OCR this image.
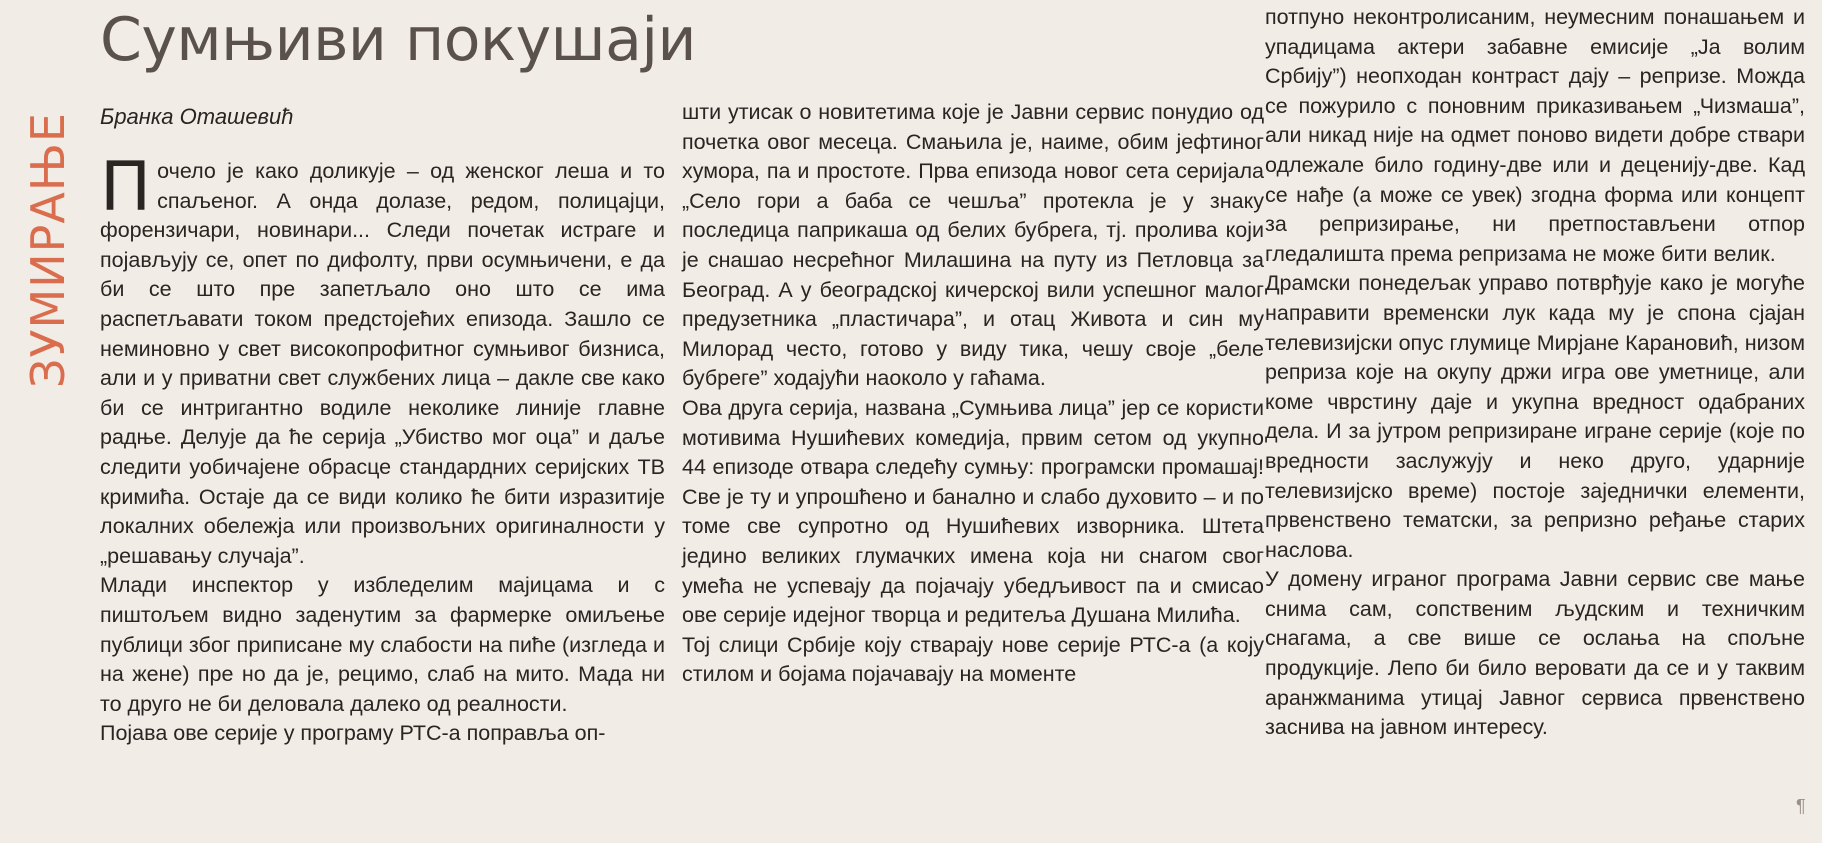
ЗУМИРАЊЕ
Сумњиви покушаји
Бранка Оташевић

Почело је како доликује – од женског леша и то спаљеног. А онда долазе, редом, полицајци, форензичари, новинари... Следи почетак истраге и појављују се, опет по дифолту, први осумњичени, е да би се што пре запетљало оно што се има распетљавати током предстојећих епизода. Зашло се неминовно у свет високопрофитног сумњивог бизниса, али и у приватни свет службених лица – дакле све како би се интригантно водиле неколике линије главне радње. Делује да ће серија „Убиство мог оца” и даље следити уобичајене обрасце стандардних серијских ТВ кримића. Остаје да се види колико ће бити изразитије локалних обележја или произвољних оригиналности у „решавању случаја”.

Млади инспектор у избледелим мајицама и с пиштољем видно заденутим за фармерке омиљење публици због приписане му слабости на пиће (изгледа и на жене) пре но да је, рецимо, слаб на мито. Мада ни то друго не би деловала далеко од реалности.

Појава ове серије у програму РТС-а поправља оп-

шти утисак о новитетима које је Јавни сервис понудио од почетка овог месеца. Смањила је, наиме, обим јефтиног хумора, па и простоте. Прва епизода новог сета серијала „Село гори а баба се чешља” протекла је у знаку последица паприкаша од белих бубрега, тј. пролива који је снашао несрећног Милашина на путу из Петловца за Београд. А у београдској кичерској вили успешног малог предузетника „пластичара”, и отац Живота и син му Милорад често, готово у виду тика, чешу своје „беле бубреге” ходајући наоколо у гаћама.

Ова друга серија, названа „Сумњива лица” јер се користи мотивима Нушићевих комедија, првим сетом од укупно 44 епизоде отвара следећу сумњу: програмски промашај! Све је ту и упрошћено и банално и слабо духовито – и по томе све супротно од Нушићевих изворника. Штета једино великих глумачких имена која ни снагом свог умећа не успевају да појачају убедљивост па и смисао ове серије идејног творца и редитеља Душана Милића.

Тој слици Србије коју стварају нове серије РТС-а (а коју стилом и бојама појачавају на моменте

потпуно неконтролисаним, неумесним понашањем и упадицама актери забавне емисије „Ја волим Србију”) неопходан контраст дају – репризе. Можда се пожурило с поновним приказивањем „Чизмаша”, али никад није на одмет поново видети добре ствари одлежале било годину-две или и деценију-две. Кад се нађе (а може се увек) згодна форма или концепт за репризирање, ни претпостављени отпор гледалишта према репризама не може бити велик.

Драмски понедељак управо потврђује како је могуће направити временски лук када му је спона сјајан телевизијски опус глумице Мирјане Карановић, низом репризa које на окупу држи игра ове уметнице, али коме чврстину даје и укупна вредност одабраних дела. И за јутром репризиране игране серије (које по вредности заслужују и неко друго, ударније телевизијско време) постоје заједнички елементи, првенствено тематски, за репризно ређање старих наслова.

У домену играног програма Јавни сервис све мање снима сам, сопственим људским и техничким снагама, а све више се ослања на спољне продукције. Лепо би било веровати да се и у таквим аранжманима утицај Јавног сервиса првенствено заснива на јавном интересу.

¶
